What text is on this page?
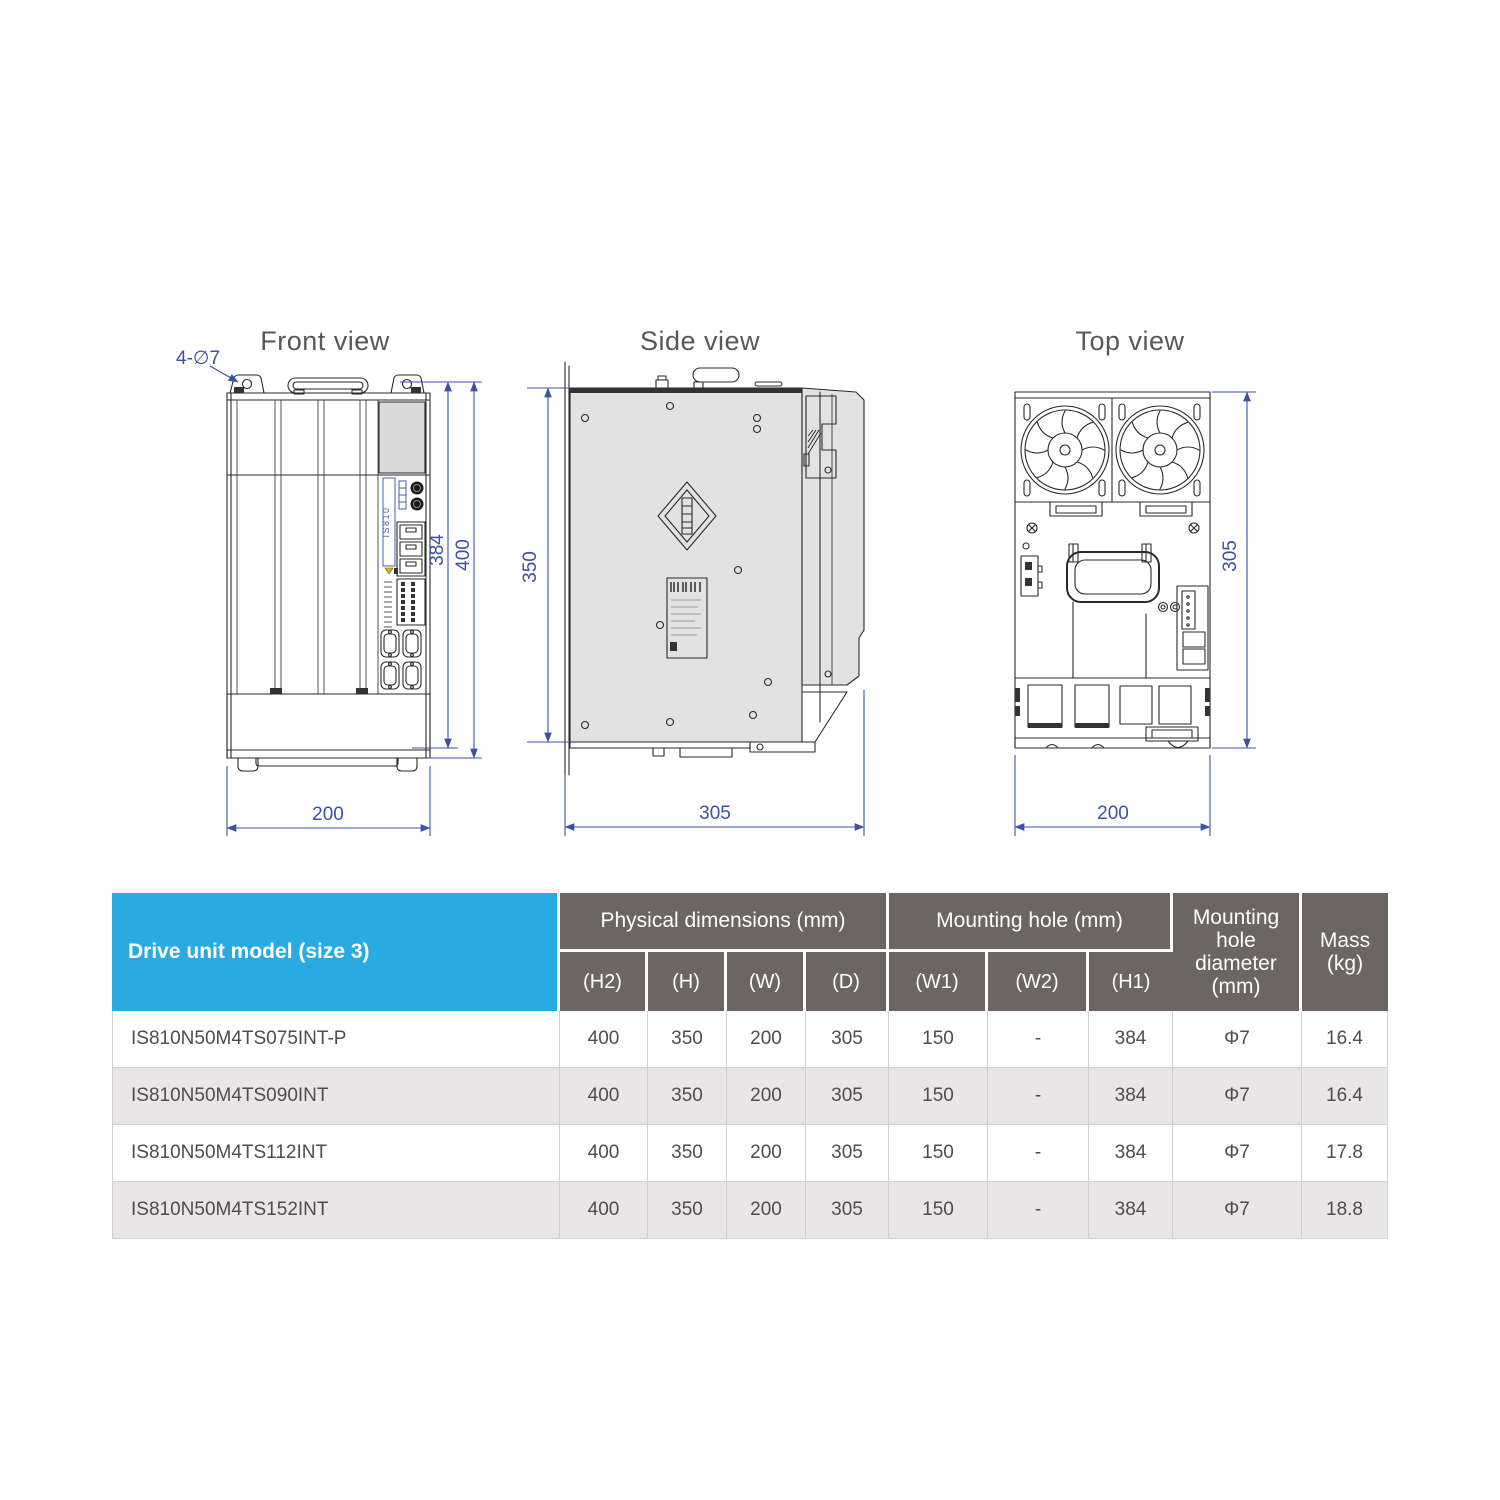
Front view	Side view	Top view
IS810
4-∅7
384 400
200
350
305
305
200
Drive unit model (size 3)	Physical dimensions (mm)				Mounting hole (mm)			Mounting hole diameter (mm)	Mass (kg)
	(H2)	(H)	(W)	(D)	(W1)	(W2)	(H1)		
IS810N50M4TS075INT-P	400	350	200	305	150	-	384	Φ7	16.4
IS810N50M4TS090INT	400	350	200	305	150	-	384	Φ7	16.4
IS810N50M4TS112INT	400	350	200	305	150	-	384	Φ7	17.8
IS810N50M4TS152INT	400	350	200	305	150	-	384	Φ7	18.8
